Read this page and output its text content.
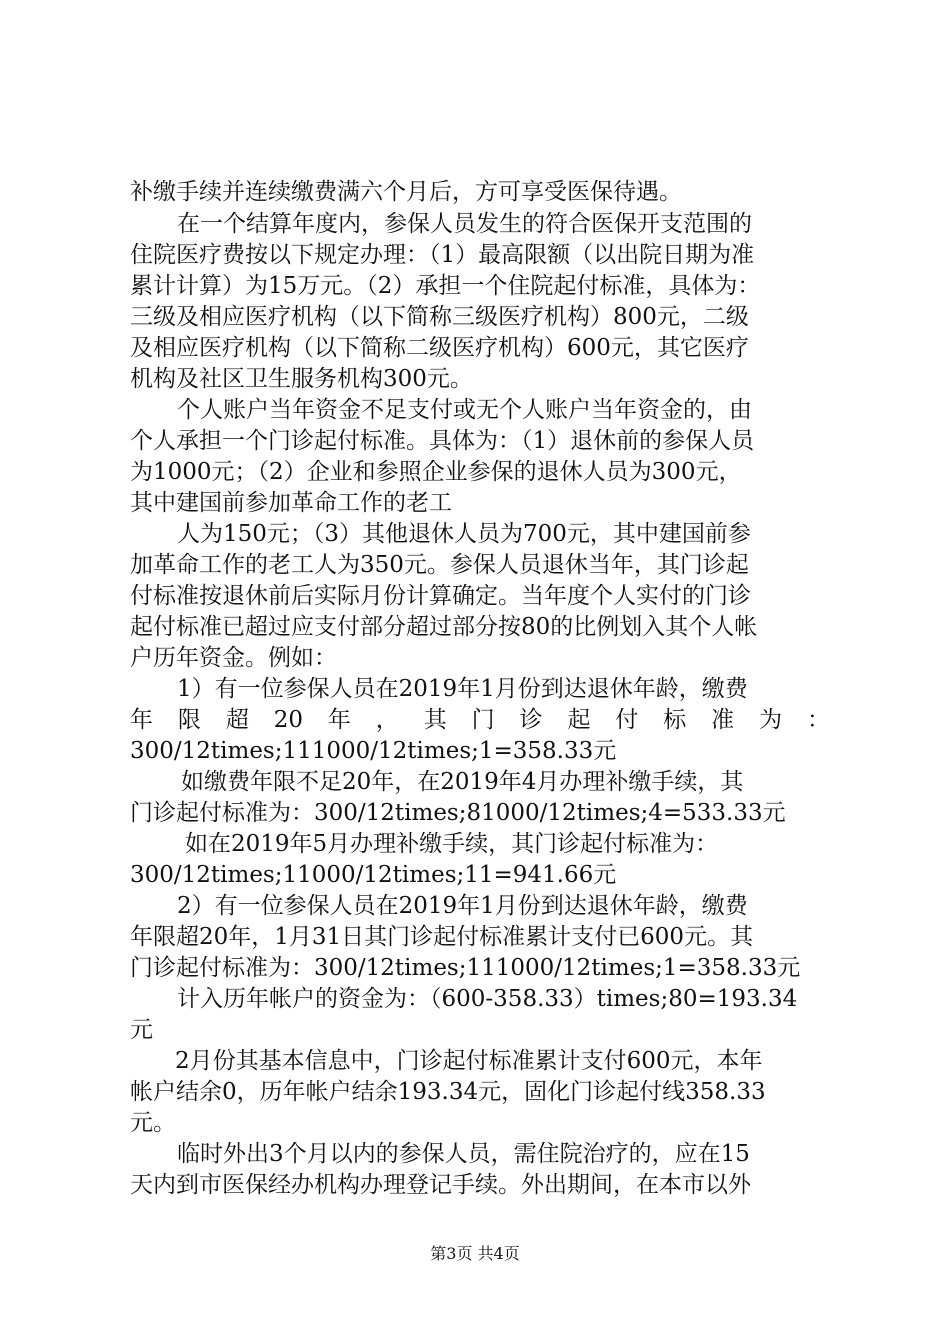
补缴手续并连续缴费满六个月后，方可享受医保待遇。
在一个结算年度内，参保人员发生的符合医保开支范围的
住院医疗费按以下规定办理：（1）最高限额（以出院日期为准
累计计算）为15万元。（2）承担一个住院起付标准，具体为：
三级及相应医疗机构（以下简称三级医疗机构）800元，二级
及相应医疗机构（以下简称二级医疗机构）600元，其它医疗
机构及社区卫生服务机构300元。
个人账户当年资金不足支付或无个人账户当年资金的，由
个人承担一个门诊起付标准。具体为：（1）退休前的参保人员
为1000元；（2）企业和参照企业参保的退休人员为300元，
其中建国前参加革命工作的老工
人为150元；（3）其他退休人员为700元，其中建国前参
加革命工作的老工人为350元。参保人员退休当年，其门诊起
付标准按退休前后实际月份计算确定。当年度个人实付的门诊
起付标准已超过应支付部分超过部分按80的比例划入其个人帐
户历年资金。例如：
1）有一位参保人员在2019年1月份到达退休年龄，缴费
年限超20年，其门诊起付标准为：
300/12times;111000/12times;1=358.33元
如缴费年限不足20年，在2019年4月办理补缴手续，其
门诊起付标准为：300/12times;81000/12times;4=533.33元
如在2019年5月办理补缴手续，其门诊起付标准为：
300/12times;11000/12times;11=941.66元
2）有一位参保人员在2019年1月份到达退休年龄，缴费
年限超20年，1月31日其门诊起付标准累计支付已600元。其
门诊起付标准为：300/12times;111000/12times;1=358.33元
计入历年帐户的资金为：（600-358.33）times;80=193.34
元
2月份其基本信息中，门诊起付标准累计支付600元，本年
帐户结余0，历年帐户结余193.34元，固化门诊起付线358.33
元。
临时外出3个月以内的参保人员，需住院治疗的，应在15
天内到市医保经办机构办理登记手续。外出期间，在本市以外
第3页 共4页
